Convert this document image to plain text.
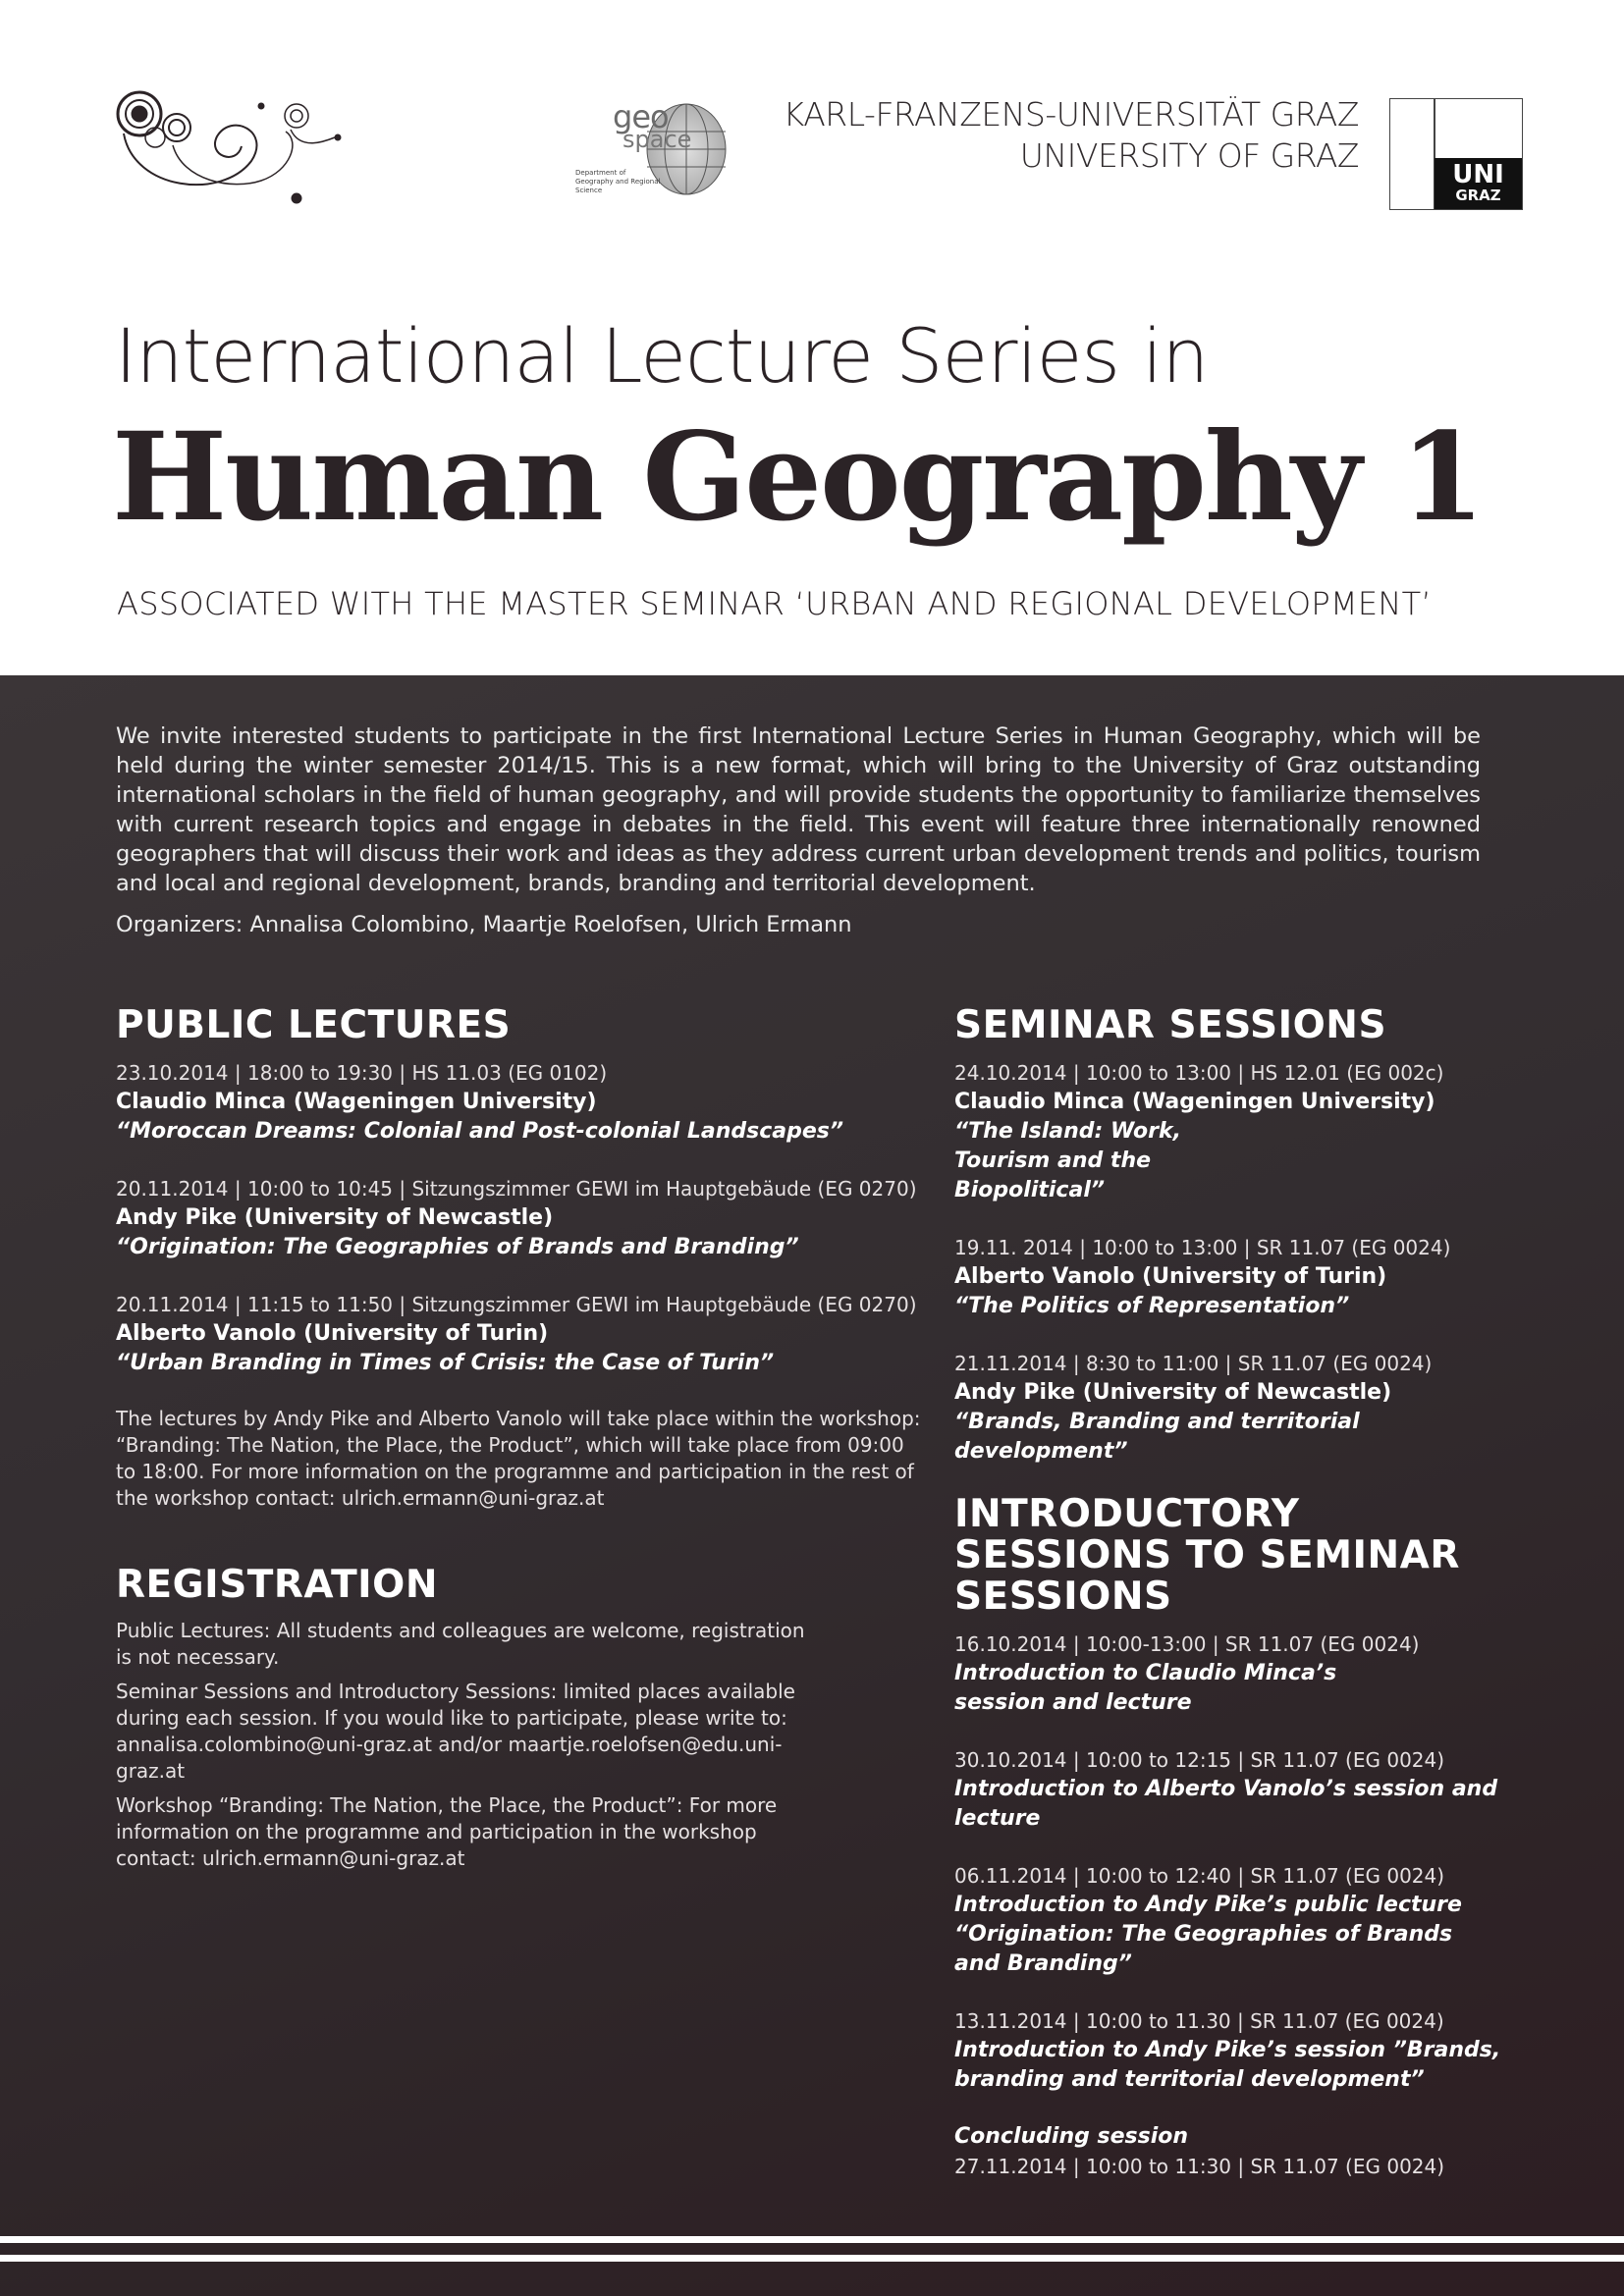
geo
space
Department of Geography and Regional Science
KARL-FRANZENS-UNIVERSITÄT GRAZ
UNIVERSITY OF GRAZ	UNI
GRAZ
International Lecture Series in
Human Geography 1
ASSOCIATED WITH THE MASTER SEMINAR ‘URBAN AND REGIONAL DEVELOPMENT’

We invite interested students to participate in the first International Lecture Series in Human Geography, which will be held during the winter semester 2014/15. This is a new format, which will bring to the University of Graz outstanding international scholars in the field of human geography, and will provide students the opportunity to familiarize themselves with current research topics and engage in debates in the field. This event will feature three internationally renowned geographers that will discuss their work and ideas as they address current urban development trends and politics, tourism and local and regional development, brands, branding and territorial development.

Organizers: Annalisa Colombino, Maartje Roelofsen, Ulrich Ermann

PUBLIC LECTURES
23.10.2014 | 18:00 to 19:30 | HS 11.03 (EG 0102)
Claudio Minca (Wageningen University)
“Moroccan Dreams: Colonial and Post-colonial Landscapes”
20.11.2014 | 10:00 to 10:45 | Sitzungszimmer GEWI im Hauptgebäude (EG 0270)
Andy Pike (University of Newcastle)
“Origination: The Geographies of Brands and Branding”
20.11.2014 | 11:15 to 11:50 | Sitzungszimmer GEWI im Hauptgebäude (EG 0270)
Alberto Vanolo (University of Turin)
“Urban Branding in Times of Crisis: the Case of Turin”

The lectures by Andy Pike and Alberto Vanolo will take place within the workshop: “Branding: The Nation, the Place, the Product”, which will take place from 09:00 to 18:00. For more information on the programme and participation in the rest of the workshop contact: ulrich.ermann@uni-graz.at

REGISTRATION

Public Lectures: All students and colleagues are welcome, registration is not necessary.

Seminar Sessions and Introductory Sessions: limited places available during each session. If you would like to participate, please write to: annalisa.colombino@uni-graz.at and/or maartje.roelofsen@edu.uni-graz.at

Workshop “Branding: The Nation, the Place, the Product”: For more information on the programme and participation in the workshop contact: ulrich.ermann@uni-graz.at

SEMINAR SESSIONS
24.10.2014 | 10:00 to 13:00 | HS 12.01 (EG 002c)
Claudio Minca (Wageningen University)
“The Island: Work, Tourism and the Biopolitical”
19.11. 2014 | 10:00 to 13:00 | SR 11.07 (EG 0024)
Alberto Vanolo (University of Turin)
“The Politics of Representation”
21.11.2014 | 8:30 to 11:00 | SR 11.07 (EG 0024)
Andy Pike (University of Newcastle)
“Brands, Branding and territorial development”
INTRODUCTORY SESSIONS TO SEMINAR SESSIONS
16.10.2014 | 10:00-13:00 | SR 11.07 (EG 0024)
Introduction to Claudio Minca’s session and lecture
30.10.2014 | 10:00 to 12:15 | SR 11.07 (EG 0024)
Introduction to Alberto Vanolo’s session and lecture
06.11.2014 | 10:00 to 12:40 | SR 11.07 (EG 0024)
Introduction to Andy Pike’s public lecture “Origination: The Geographies of Brands and Branding”
13.11.2014 | 10:00 to 11.30 | SR 11.07 (EG 0024)
Introduction to Andy Pike’s session ”Brands, branding and territorial development”
Concluding session
27.11.2014 | 10:00 to 11:30 | SR 11.07 (EG 0024)
